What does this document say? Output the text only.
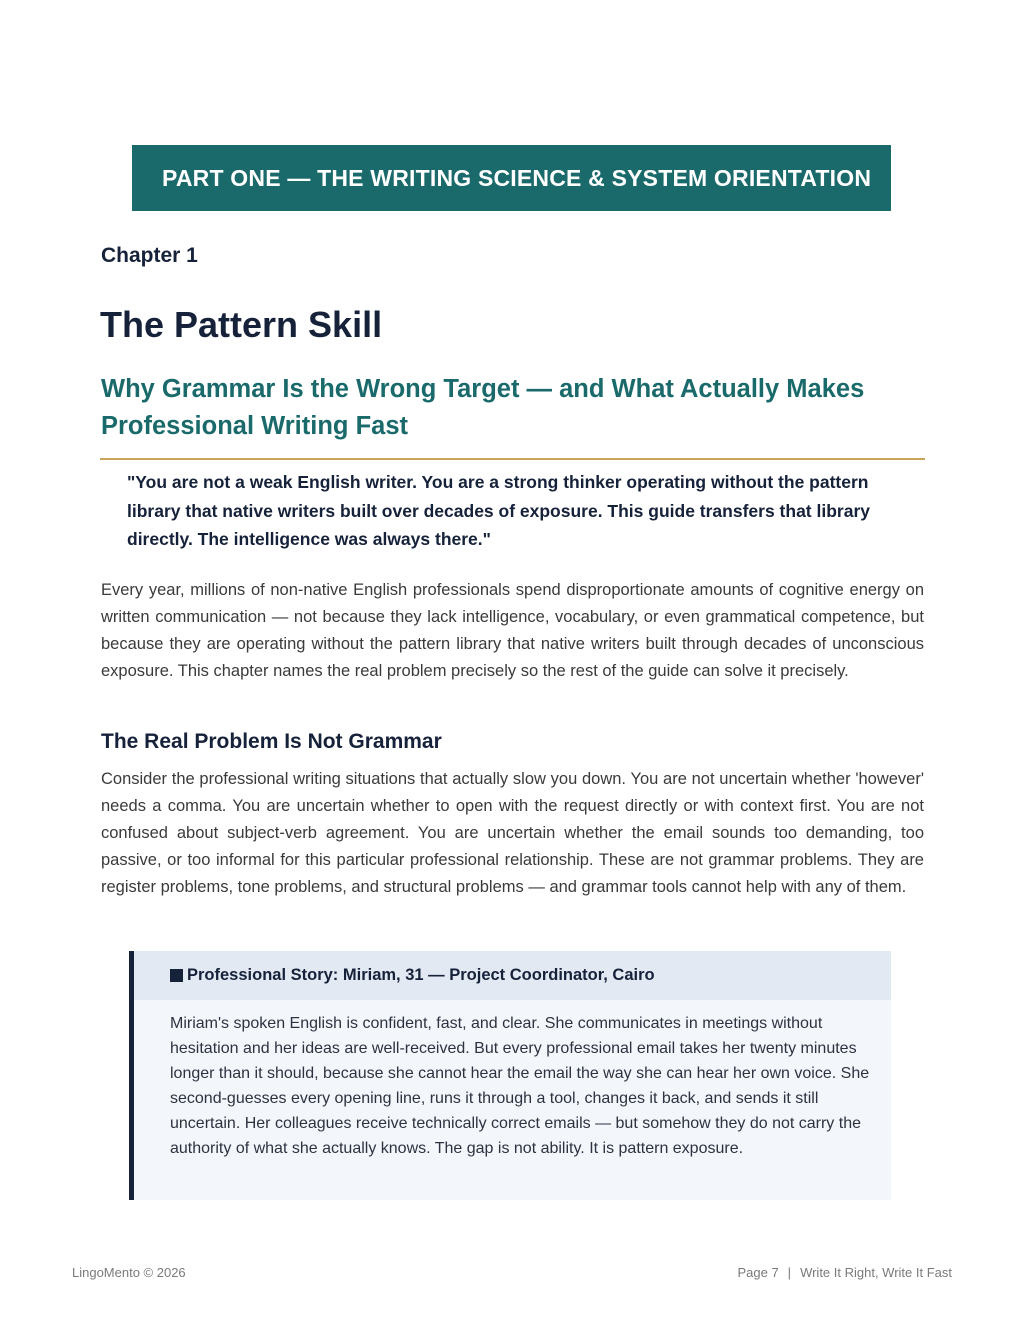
PART ONE — THE WRITING SCIENCE & SYSTEM ORIENTATION
Chapter 1
The Pattern Skill
Why Grammar Is the Wrong Target — and What Actually Makes Professional Writing Fast

"You are not a weak English writer. You are a strong thinker operating without the pattern library that native writers built over decades of exposure. This guide transfers that library directly. The intelligence was always there."

Every year, millions of non-native English professionals spend disproportionate amounts of cognitive energy on written communication — not because they lack intelligence, vocabulary, or even grammatical competence, but because they are operating without the pattern library that native writers built through decades of unconscious exposure. This chapter names the real problem precisely so the rest of the guide can solve it precisely.

The Real Problem Is Not Grammar

Consider the professional writing situations that actually slow you down. You are not uncertain whether 'however' needs a comma. You are uncertain whether to open with the request directly or with context first. You are not confused about subject-verb agreement. You are uncertain whether the email sounds too demanding, too passive, or too informal for this particular professional relationship. These are not grammar problems. They are register problems, tone problems, and structural problems — and grammar tools cannot help with any of them.

Professional Story: Miriam, 31 — Project Coordinator, Cairo

Miriam's spoken English is confident, fast, and clear. She communicates in meetings without hesitation and her ideas are well-received. But every professional email takes her twenty minutes longer than it should, because she cannot hear the email the way she can hear her own voice. She second-guesses every opening line, runs it through a tool, changes it back, and sends it still uncertain. Her colleagues receive technically correct emails — but somehow they do not carry the authority of what she actually knows. The gap is not ability. It is pattern exposure.

LingoMento © 2026	Page 7 | Write It Right, Write It Fast
